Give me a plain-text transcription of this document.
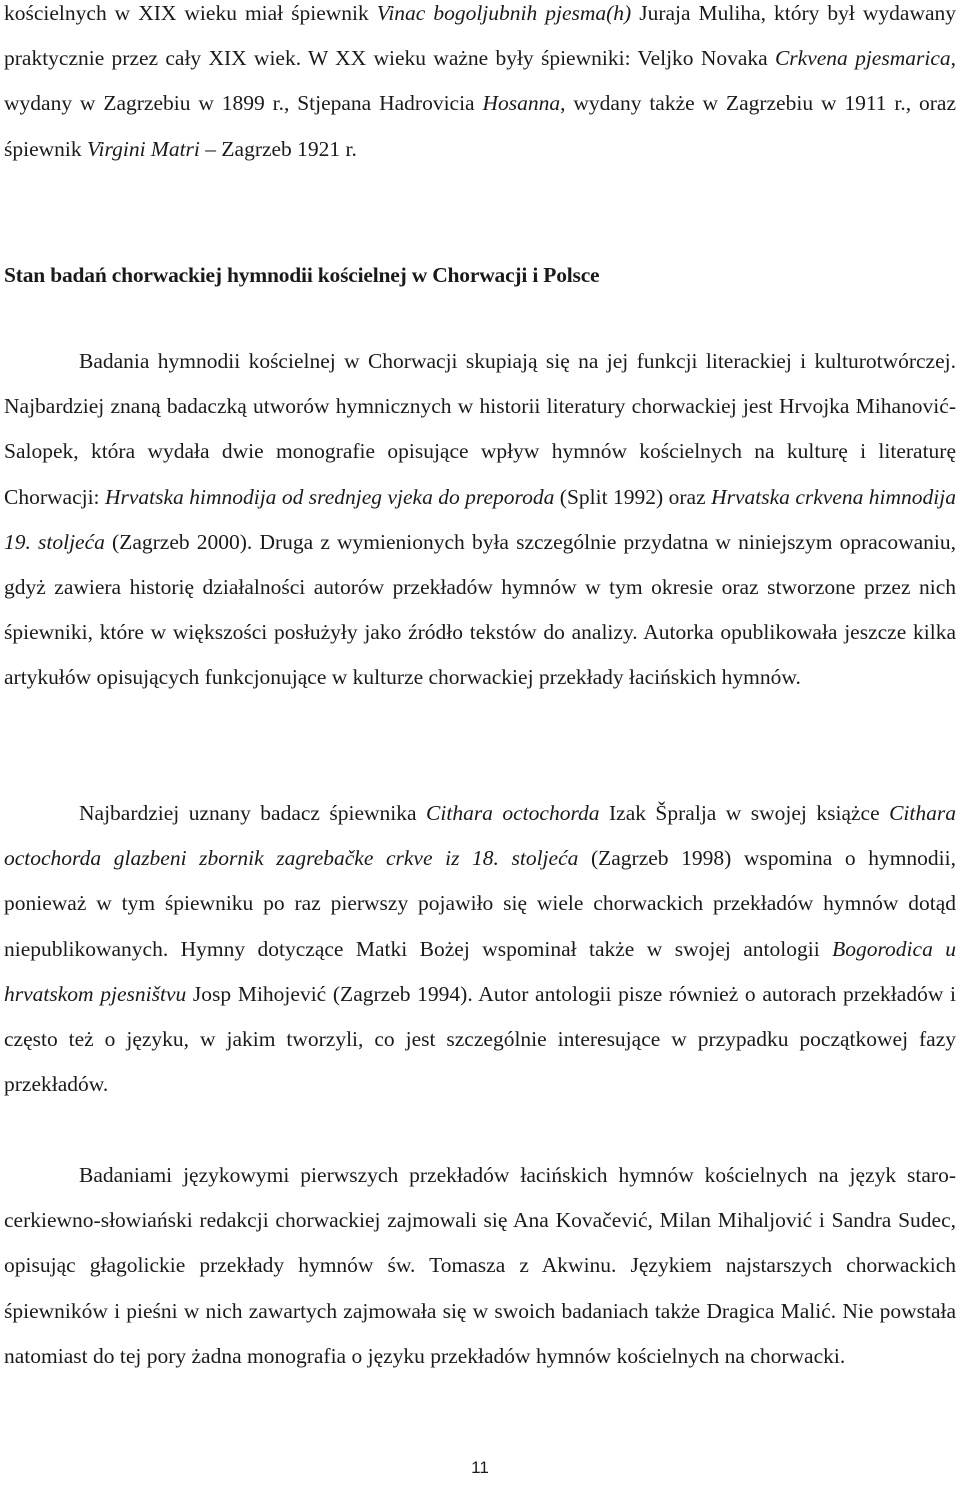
kościelnych w XIX wieku miał śpiewnik Vinac bogoljubnih pjesma(h) Juraja Muliha, który był wydawany praktycznie przez cały XIX wiek. W XX wieku ważne były śpiewniki: Veljko Novaka Crkvena pjesmarica, wydany w Zagrzebiu w 1899 r., Stjepana Hadrovicia Hosanna, wydany także w Zagrzebiu w 1911 r., oraz śpiewnik Virgini Matri – Zagrzeb 1921 r.

Stan badań chorwackiej hymnodii kościelnej w Chorwacji i Polsce

Badania hymnodii kościelnej w Chorwacji skupiają się na jej funkcji literackiej i kulturotwórczej. Najbardziej znaną badaczką utworów hymnicznych w historii literatury chorwackiej jest Hrvojka Mihanović-Salopek, która wydała dwie monografie opisujące wpływ hymnów kościelnych na kulturę i literaturę Chorwacji: Hrvatska himnodija od srednjeg vjeka do preporoda (Split 1992) oraz Hrvatska crkvena himnodija 19. stoljeća (Zagrzeb 2000). Druga z wymienionych była szczególnie przydatna w niniejszym opracowaniu, gdyż zawiera historię działalności autorów przekładów hymnów w tym okresie oraz stworzone przez nich śpiewniki, które w większości posłużyły jako źródło tekstów do analizy. Autorka opublikowała jeszcze kilka artykułów opisujących funkcjonujące w kulturze chorwackiej przekłady łacińskich hymnów.

Najbardziej uznany badacz śpiewnika Cithara octochorda Izak Špralja w swojej książce Cithara octochorda glazbeni zbornik zagrebačke crkve iz 18. stoljeća (Zagrzeb 1998) wspomina o hymnodii, ponieważ w tym śpiewniku po raz pierwszy pojawiło się wiele chorwackich przekładów hymnów dotąd niepublikowanych. Hymny dotyczące Matki Bożej wspominał także w swojej antologii Bogorodica u hrvatskom pjesništvu Josp Mihojević (Zagrzeb 1994). Autor antologii pisze również o autorach przekładów i często też o języku, w jakim tworzyli, co jest szczególnie interesujące w przypadku początkowej fazy przekładów.

Badaniami językowymi pierwszych przekładów łacińskich hymnów kościelnych na język staro-cerkiewno-słowiański redakcji chorwackiej zajmowali się Ana Kovačević, Milan Mihaljović i Sandra Sudec, opisując głagolickie przekłady hymnów św. Tomasza z Akwinu. Językiem najstarszych chorwackich śpiewników i pieśni w nich zawartych zajmowała się w swoich badaniach także Dragica Malić. Nie powstała natomiast do tej pory żadna monografia o języku przekładów hymnów kościelnych na chorwacki.

11
